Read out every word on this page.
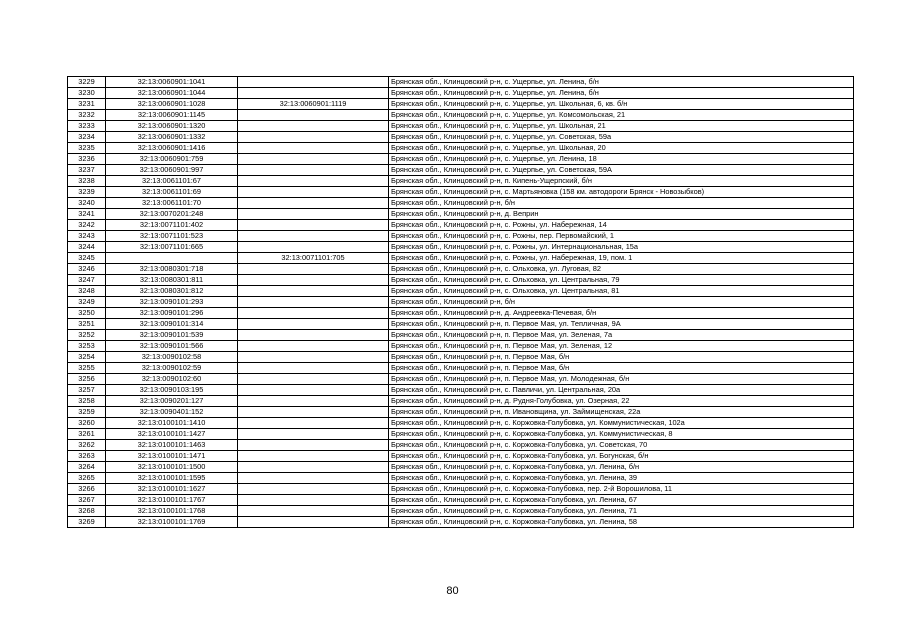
3229	32:13:0060901:1041		Брянская обл., Клинцовский р-н, с. Ущерпье, ул. Ленина, б/н
3230	32:13:0060901:1044		Брянская обл., Клинцовский р-н, с. Ущерпье, ул. Ленина, б/н
3231	32:13:0060901:1028	32:13:0060901:1119	Брянская обл., Клинцовский р-н, с. Ущерпье, ул. Школьная, 6, кв. б/н
3232	32:13:0060901:1145		Брянская обл., Клинцовский р-н, с. Ущерпье, ул. Комсомольская, 21
3233	32:13:0060901:1320		Брянская обл., Клинцовский р-н, с. Ущерпье, ул. Школьная, 21
3234	32:13:0060901:1332		Брянская обл., Клинцовский р-н, с. Ущерпье, ул. Советская, 59а
3235	32:13:0060901:1416		Брянская обл., Клинцовский р-н, с. Ущерпье, ул. Школьная, 20
3236	32:13:0060901:759		Брянская обл., Клинцовский р-н, с. Ущерпье, ул. Ленина, 18
3237	32:13:0060901:997		Брянская обл., Клинцовский р-н, с. Ущерпье, ул. Советская, 59А
3238	32:13:0061101:67		Брянская обл., Клинцовский р-н, п. Кипень-Ущерпский, б/н
3239	32:13:0061101:69		Брянская обл., Клинцовский р-н, с. Мартьяновка (158 км. автодороги Брянск - Новозыбков)
3240	32:13:0061101:70		Брянская обл., Клинцовский р-н, б/н
3241	32:13:0070201:248		Брянская обл., Клинцовский р-н, д. Веприн
3242	32:13:0071101:402		Брянская обл., Клинцовский р-н, с. Рожны, ул. Набережная, 14
3243	32:13:0071101:523		Брянская обл., Клинцовский р-н, с. Рожны, пер. Первомайский, 1
3244	32:13:0071101:665		Брянская обл., Клинцовский р-н, с. Рожны, ул. Интернациональная, 15а
3245		32:13:0071101:705	Брянская обл., Клинцовский р-н, с. Рожны, ул. Набережная, 19, пом. 1
3246	32:13:0080301:718		Брянская обл., Клинцовский р-н, с. Ольховка, ул. Луговая, 82
3247	32:13:0080301:811		Брянская обл., Клинцовский р-н, с. Ольховка, ул. Центральная, 79
3248	32:13:0080301:812		Брянская обл., Клинцовский р-н, с. Ольховка, ул. Центральная, 81
3249	32:13:0090101:293		Брянская обл., Клинцовский р-н, б/н
3250	32:13:0090101:296		Брянская обл., Клинцовский р-н, д. Андреевка-Печевая, б/н
3251	32:13:0090101:314		Брянская обл., Клинцовский р-н, п. Первое Мая, ул. Тепличная, 9А
3252	32:13:0090101:539		Брянская обл., Клинцовский р-н, п. Первое Мая, ул. Зеленая, 7а
3253	32:13:0090101:566		Брянская обл., Клинцовский р-н, п. Первое Мая, ул. Зеленая, 12
3254	32:13:0090102:58		Брянская обл., Клинцовский р-н, п. Первое Мая, б/н
3255	32:13:0090102:59		Брянская обл., Клинцовский р-н, п. Первое Мая, б/н
3256	32:13:0090102:60		Брянская обл., Клинцовский р-н, п. Первое Мая, ул. Молодежная, б/н
3257	32:13:0090103:195		Брянская обл., Клинцовский р-н, с. Павличи, ул. Центральная, 20а
3258	32:13:0090201:127		Брянская обл., Клинцовский р-н, д. Рудня-Голубовка, ул. Озерная, 22
3259	32:13:0090401:152		Брянская обл., Клинцовский р-н, п. Ивановщина, ул. Займищенская, 22а
3260	32:13:0100101:1410		Брянская обл., Клинцовский р-н, с. Коржовка-Голубовка, ул. Коммунистическая, 102а
3261	32:13:0100101:1427		Брянская обл., Клинцовский р-н, с. Коржовка-Голубовка, ул. Коммунистическая, 8
3262	32:13:0100101:1463		Брянская обл., Клинцовский р-н, с. Коржовка-Голубовка, ул. Советская, 70
3263	32:13:0100101:1471		Брянская обл., Клинцовский р-н, с. Коржовка-Голубовка, ул. Богунская, б/н
3264	32:13:0100101:1500		Брянская обл., Клинцовский р-н, с. Коржовка-Голубовка, ул. Ленина, б/н
3265	32:13:0100101:1595		Брянская обл., Клинцовский р-н, с. Коржовка-Голубовка, ул. Ленина, 39
3266	32:13:0100101:1627		Брянская обл., Клинцовский р-н, с. Коржовка-Голубовка, пер. 2-й Ворошилова, 11
3267	32:13:0100101:1767		Брянская обл., Клинцовский р-н, с. Коржовка-Голубовка, ул. Ленина, 67
3268	32:13:0100101:1768		Брянская обл., Клинцовский р-н, с. Коржовка-Голубовка, ул. Ленина, 71
3269	32:13:0100101:1769		Брянская обл., Клинцовский р-н, с. Коржовка-Голубовка, ул. Ленина, 58
80
